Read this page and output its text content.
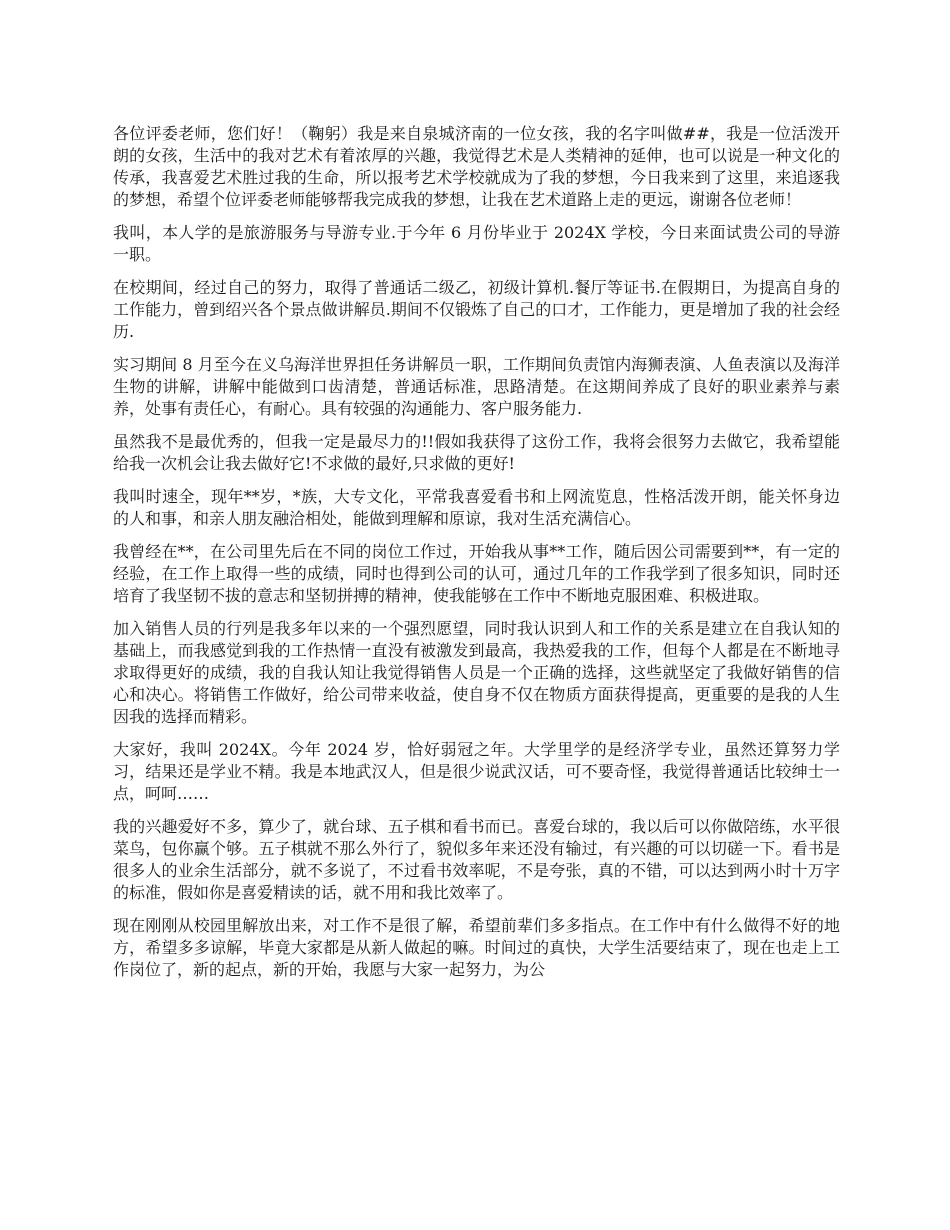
各位评委老师，您们好！（鞠躬）我是来自泉城济南的一位女孩，我的名字叫做##，我是一位活泼开朗的女孩，生活中的我对艺术有着浓厚的兴趣，我觉得艺术是人类精神的延伸，也可以说是一种文化的传承，我喜爱艺术胜过我的生命，所以报考艺术学校就成为了我的梦想，今日我来到了这里，来追逐我的梦想，希望个位评委老师能够帮我完成我的梦想，让我在艺术道路上走的更远，谢谢各位老师！

我叫，本人学的是旅游服务与导游专业.于今年 6 月份毕业于 2024X 学校，今日来面试贵公司的导游一职。

在校期间，经过自己的努力，取得了普通话二级乙，初级计算机.餐厅等证书.在假期日，为提高自身的工作能力，曾到绍兴各个景点做讲解员.期间不仅锻炼了自己的口才，工作能力，更是增加了我的社会经历.

实习期间 8 月至今在义乌海洋世界担任务讲解员一职，工作期间负责馆内海狮表演、人鱼表演以及海洋生物的讲解，讲解中能做到口齿清楚，普通话标准，思路清楚。在这期间养成了良好的职业素养与素养，处事有责任心，有耐心。具有较强的沟通能力、客户服务能力.

虽然我不是最优秀的，但我一定是最尽力的!!假如我获得了这份工作，我将会很努力去做它，我希望能给我一次机会让我去做好它!不求做的最好,只求做的更好!

我叫时速全，现年**岁，*族，大专文化，平常我喜爱看书和上网流览息，性格活泼开朗，能关怀身边的人和事，和亲人朋友融洽相处，能做到理解和原谅，我对生活充满信心。

我曾经在**，在公司里先后在不同的岗位工作过，开始我从事**工作，随后因公司需要到**，有一定的经验，在工作上取得一些的成绩，同时也得到公司的认可，通过几年的工作我学到了很多知识，同时还培育了我坚韧不拔的意志和坚韧拼搏的精神，使我能够在工作中不断地克服困难、积极进取。

加入销售人员的行列是我多年以来的一个强烈愿望，同时我认识到人和工作的关系是建立在自我认知的基础上，而我感觉到我的工作热情一直没有被激发到最高，我热爱我的工作，但每个人都是在不断地寻求取得更好的成绩，我的自我认知让我觉得销售人员是一个正确的选择，这些就坚定了我做好销售的信心和决心。将销售工作做好，给公司带来收益，使自身不仅在物质方面获得提高，更重要的是我的人生因我的选择而精彩。

大家好，我叫 2024X。今年 2024 岁，恰好弱冠之年。大学里学的是经济学专业，虽然还算努力学习，结果还是学业不精。我是本地武汉人，但是很少说武汉话，可不要奇怪，我觉得普通话比较绅士一点，呵呵……

我的兴趣爱好不多，算少了，就台球、五子棋和看书而已。喜爱台球的，我以后可以你做陪练，水平很菜鸟，包你赢个够。五子棋就不那么外行了，貌似多年来还没有输过，有兴趣的可以切磋一下。看书是很多人的业余生活部分，就不多说了，不过看书效率呢，不是夸张，真的不错，可以达到两小时十万字的标准，假如你是喜爱精读的话，就不用和我比效率了。

现在刚刚从校园里解放出来，对工作不是很了解，希望前辈们多多指点。在工作中有什么做得不好的地方，希望多多谅解，毕竟大家都是从新人做起的嘛。时间过的真快，大学生活要结束了，现在也走上工作岗位了，新的起点，新的开始，我愿与大家一起努力，为公
